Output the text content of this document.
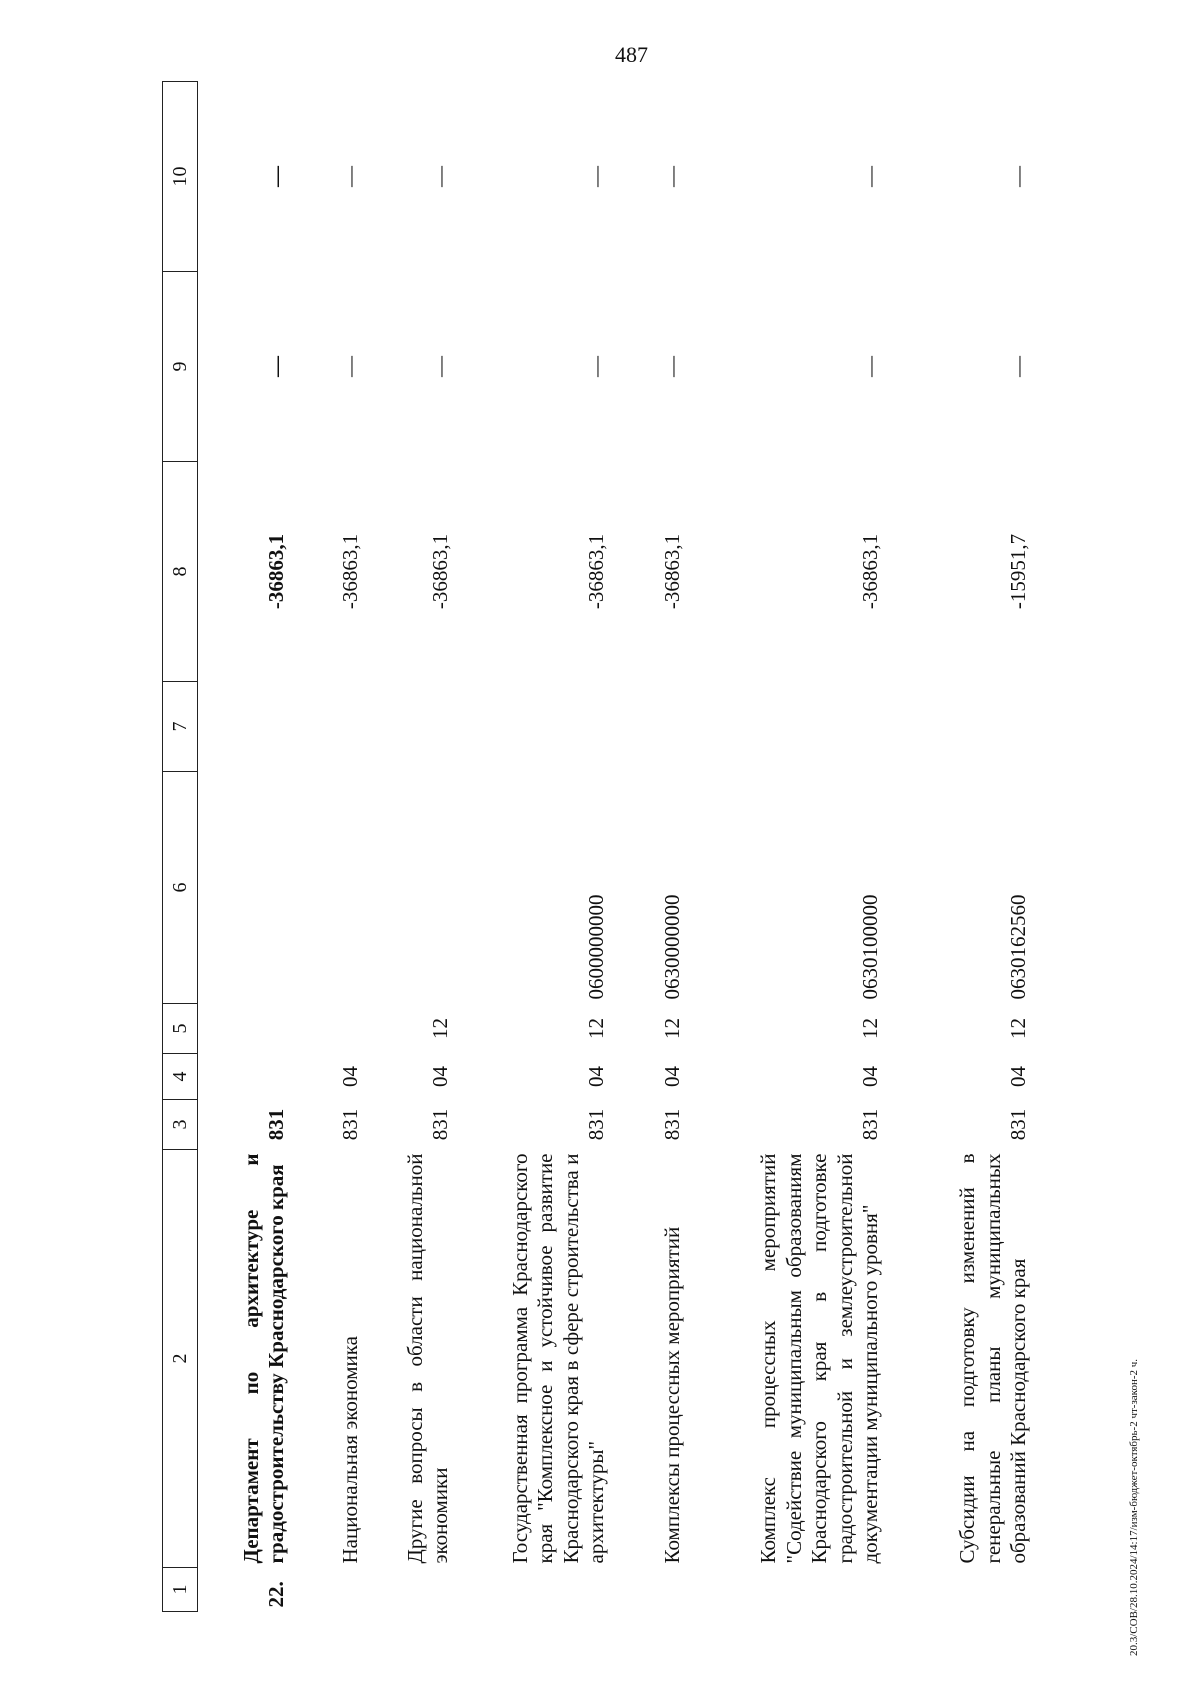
487
20.3/СОВ/28.10.2024/14:17/изм-бюджет-октябрь-2 чт-закон-2 ч.
1	2	3	4	5	6	7	8	9	10
22.	Департамент по архитектуре и градостроительству Краснодарского края	831					-36863,1	—	—
	Национальная экономика	831	04				-36863,1	—	—
	Другие вопросы в области национальной экономики	831	04	12			-36863,1	—	—
	Государственная программа Краснодарского края "Комплексное и устойчивое развитие Краснодарского края в сфере строительства и архитектуры"	831	04	12	0600000000		-36863,1	—	—
	Комплексы процессных мероприятий	831	04	12	0630000000		-36863,1	—	—
	Комплекс процессных мероприятий "Содействие муниципальным образованиям Краснодарского края в подготовке градостроительной и землеустроительной документации муниципального уровня"	831	04	12	0630100000		-36863,1	—	—
	Субсидии на подготовку изменений в генеральные планы муниципальных образований Краснодарского края	831	04	12	0630162560		-15951,7	—	—
